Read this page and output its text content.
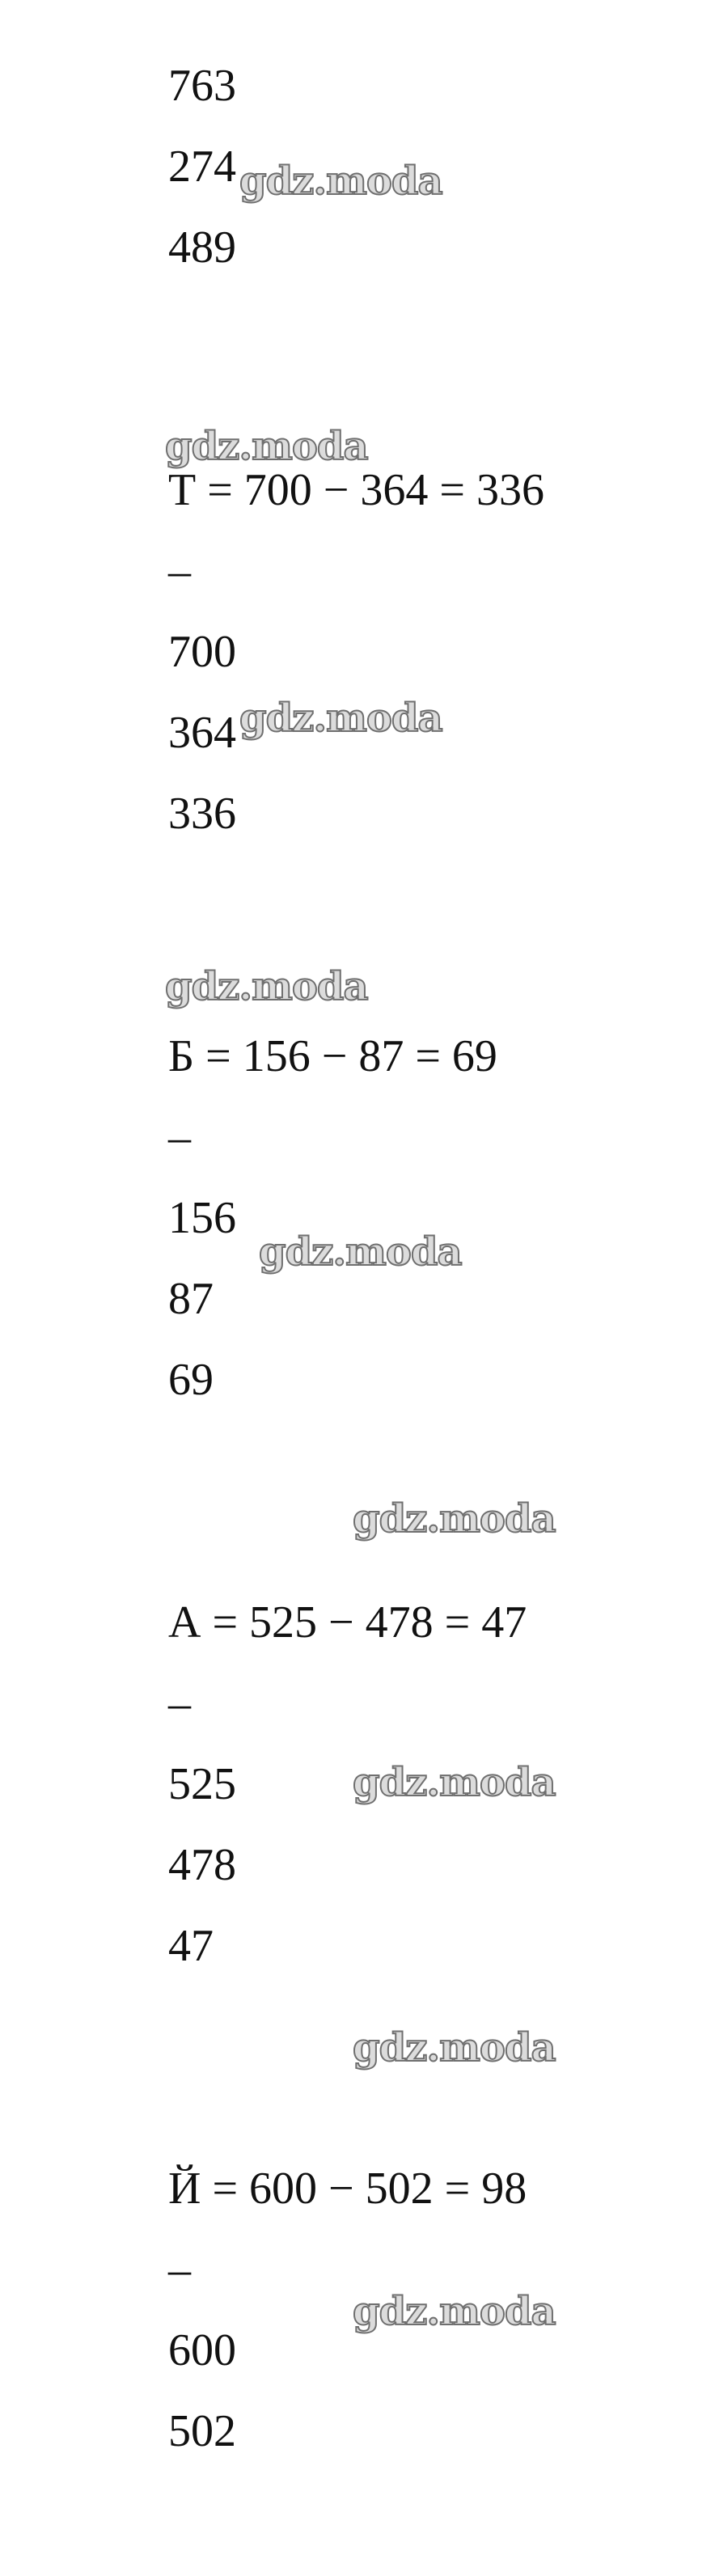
763
274
489
Т = 700 − 364 = 336
–
700
364
336
Б = 156 − 87 = 69
–
156
87
69
А = 525 − 478 = 47
–
525
478
47
Й = 600 − 502 = 98
–
600
502
gdz.moda
gdz.moda
gdz.moda
gdz.moda
gdz.moda
gdz.moda
gdz.moda
gdz.moda
gdz.moda
